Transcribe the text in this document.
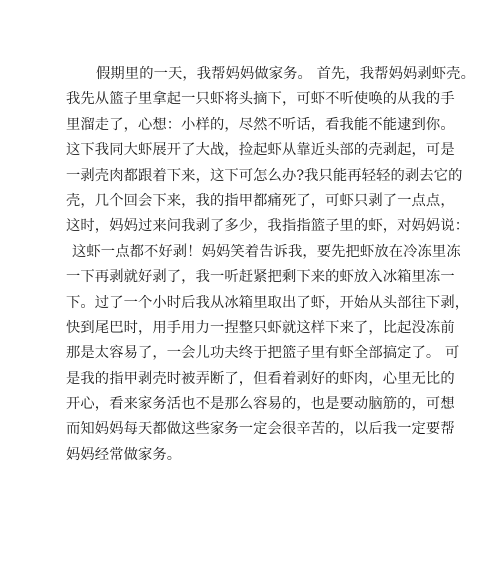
假期里的一天，我帮妈妈做家务。 首先，我帮妈妈剥虾壳。
我先从篮子里拿起一只虾将头摘下，可虾不听使唤的从我的手
里溜走了，心想：小样的，尽然不听话，看我能不能逮到你。
这下我同大虾展开了大战，捡起虾从靠近头部的壳剥起，可是
一剥壳肉都跟着下来，这下可怎么办?我只能再轻轻的剥去它的
壳，几个回会下来，我的指甲都痛死了，可虾只剥了一点点，
这时，妈妈过来问我剥了多少，我指指篮子里的虾，对妈妈说：
这虾一点都不好剥！妈妈笑着告诉我，要先把虾放在冷冻里冻
一下再剥就好剥了，我一听赶紧把剩下来的虾放入冰箱里冻一
下。过了一个小时后我从冰箱里取出了虾，开始从头部往下剥，
快到尾巴时，用手用力一捏整只虾就这样下来了，比起没冻前
那是太容易了，一会儿功夫终于把篮子里有虾全部搞定了。 可
是我的指甲剥壳时被弄断了，但看着剥好的虾肉，心里无比的
开心，看来家务活也不是那么容易的，也是要动脑筋的，可想
而知妈妈每天都做这些家务一定会很辛苦的，以后我一定要帮
妈妈经常做家务。
